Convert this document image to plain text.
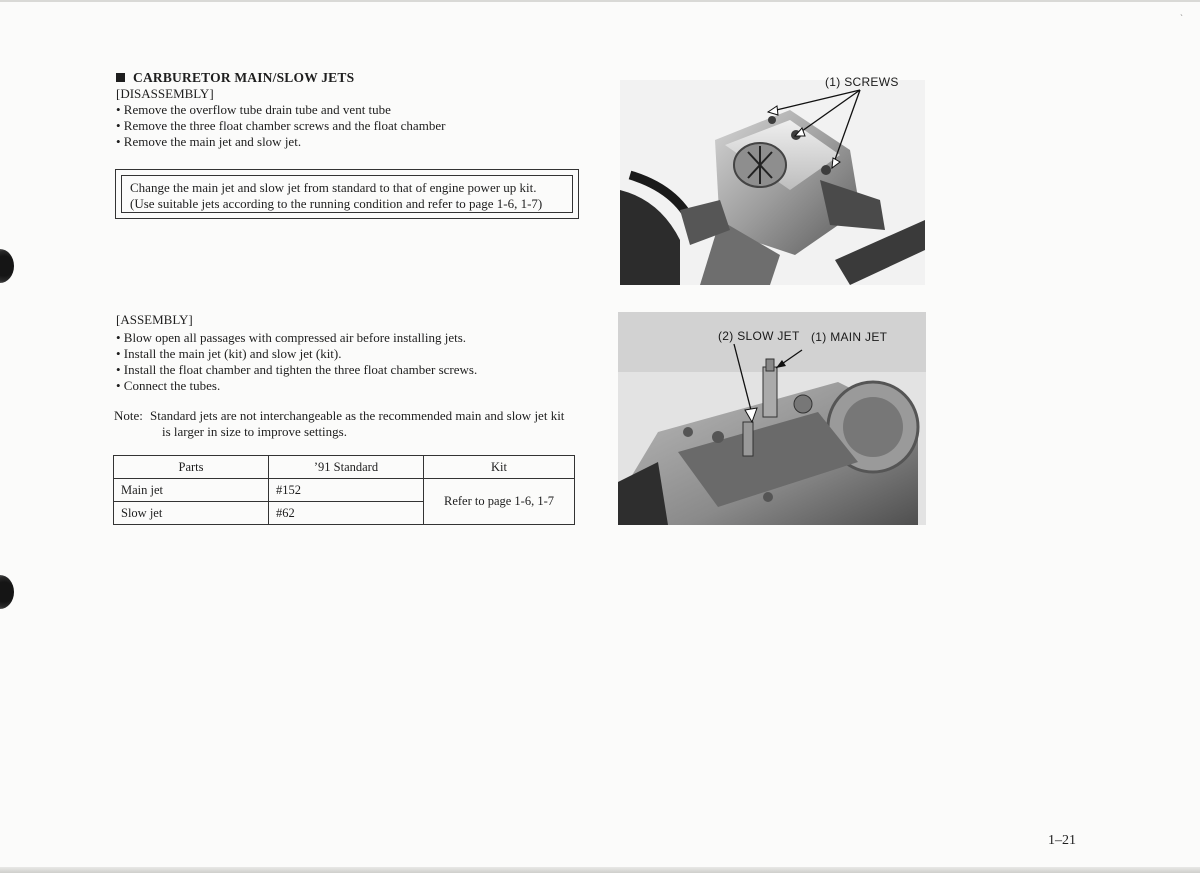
ˎ
CARBURETOR MAIN/SLOW JETS
[DISASSEMBLY]
• Remove the overflow tube drain tube and vent tube
• Remove the three float chamber screws and the float chamber
• Remove the main jet and slow jet.
Change the main jet and slow jet from standard to that of engine power up kit.
(Use suitable jets according to the running condition and refer to page 1-6, 1-7)
[ASSEMBLY]
• Blow open all passages with compressed air before installing jets.
• Install the main jet (kit) and slow jet (kit).
• Install the float chamber and tighten the three float chamber screws.
• Connect the tubes.
Note: Standard jets are not interchangeable as the recommended main and slow jet kit
is larger in size to improve settings.
Parts	’91 Standard	Kit
Main jet	#152	Refer to page 1-6, 1-7
Slow jet	#62	
(1) SCREWS
(2) SLOW JET (1) MAIN JET
1–21
